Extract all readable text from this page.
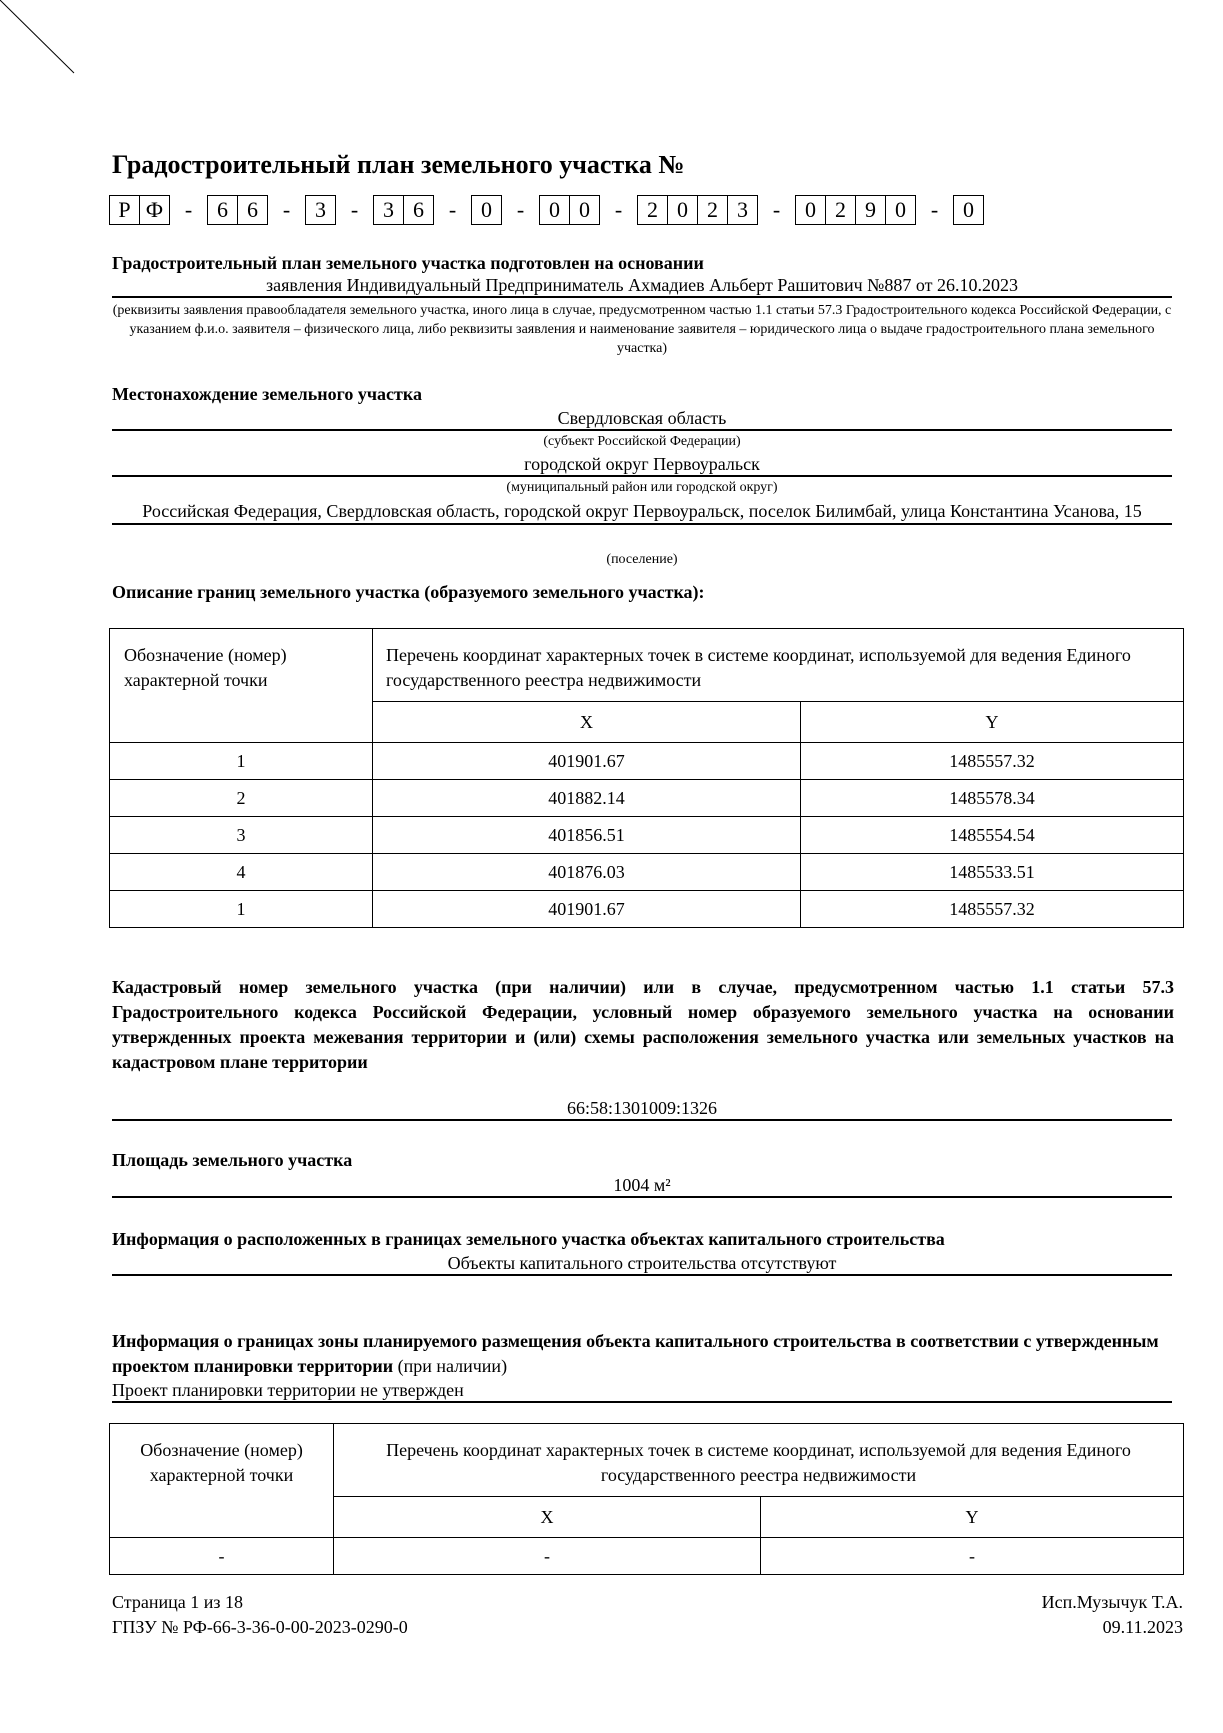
Градостроительный план земельного участка №
Р Ф -	6 6	-	3	-	3 6	-	0	-	0 0	-	2 0 2 3	-	0 2 9 0	-	0
Градостроительный план земельного участка подготовлен на основании
заявления Индивидуальный Предприниматель Ахмадиев Альберт Рашитович №887 от 26.10.2023
(реквизиты заявления правообладателя земельного участка, иного лица в случае, предусмотренном частью 1.1 статьи 57.3 Градостроительного кодекса Российской Федерации, с указанием ф.и.о. заявителя – физического лица, либо реквизиты заявления и наименование заявителя – юридического лица о выдаче градостроительного плана земельного участка)
Местонахождение земельного участка
Свердловская область
(субъект Российской Федерации)
городской округ Первоуральск
(муниципальный район или городской округ)
Российская Федерация, Свердловская область, городской округ Первоуральск, поселок Билимбай, улица Константина Усанова, 15
(поселение)
Описание границ земельного участка (образуемого земельного участка):
Обозначение (номер) характерной точки	Перечень координат характерных точек в системе координат, используемой для ведения Единого государственного реестра недвижимости	
	X	Y
1	401901.67	1485557.32
2	401882.14	1485578.34
3	401856.51	1485554.54
4	401876.03	1485533.51
1	401901.67	1485557.32
Кадастровый номер земельного участка (при наличии) или в случае, предусмотренном частью 1.1 статьи 57.3 Градостроительного кодекса Российской Федерации, условный номер образуемого земельного участка на основании утвержденных проекта межевания территории и (или) схемы расположения земельного участка или земельных участков на кадастровом плане территории
66:58:1301009:1326
Площадь земельного участка
1004 м²
Информация о расположенных в границах земельного участка объектах капитального строительства
Объекты капитального строительства отсутствуют
Информация о границах зоны планируемого размещения объекта капитального строительства в соответствии с утвержденным проектом планировки территории (при наличии)
Проект планировки территории не утвержден
Обозначение (номер) характерной точки	Перечень координат характерных точек в системе координат, используемой для ведения Единого государственного реестра недвижимости	
	X	Y
-	-	-
Страница 1 из 18
ГПЗУ № РФ-66-3-36-0-00-2023-0290-0
Исп.Музычук Т.А.
09.11.2023
